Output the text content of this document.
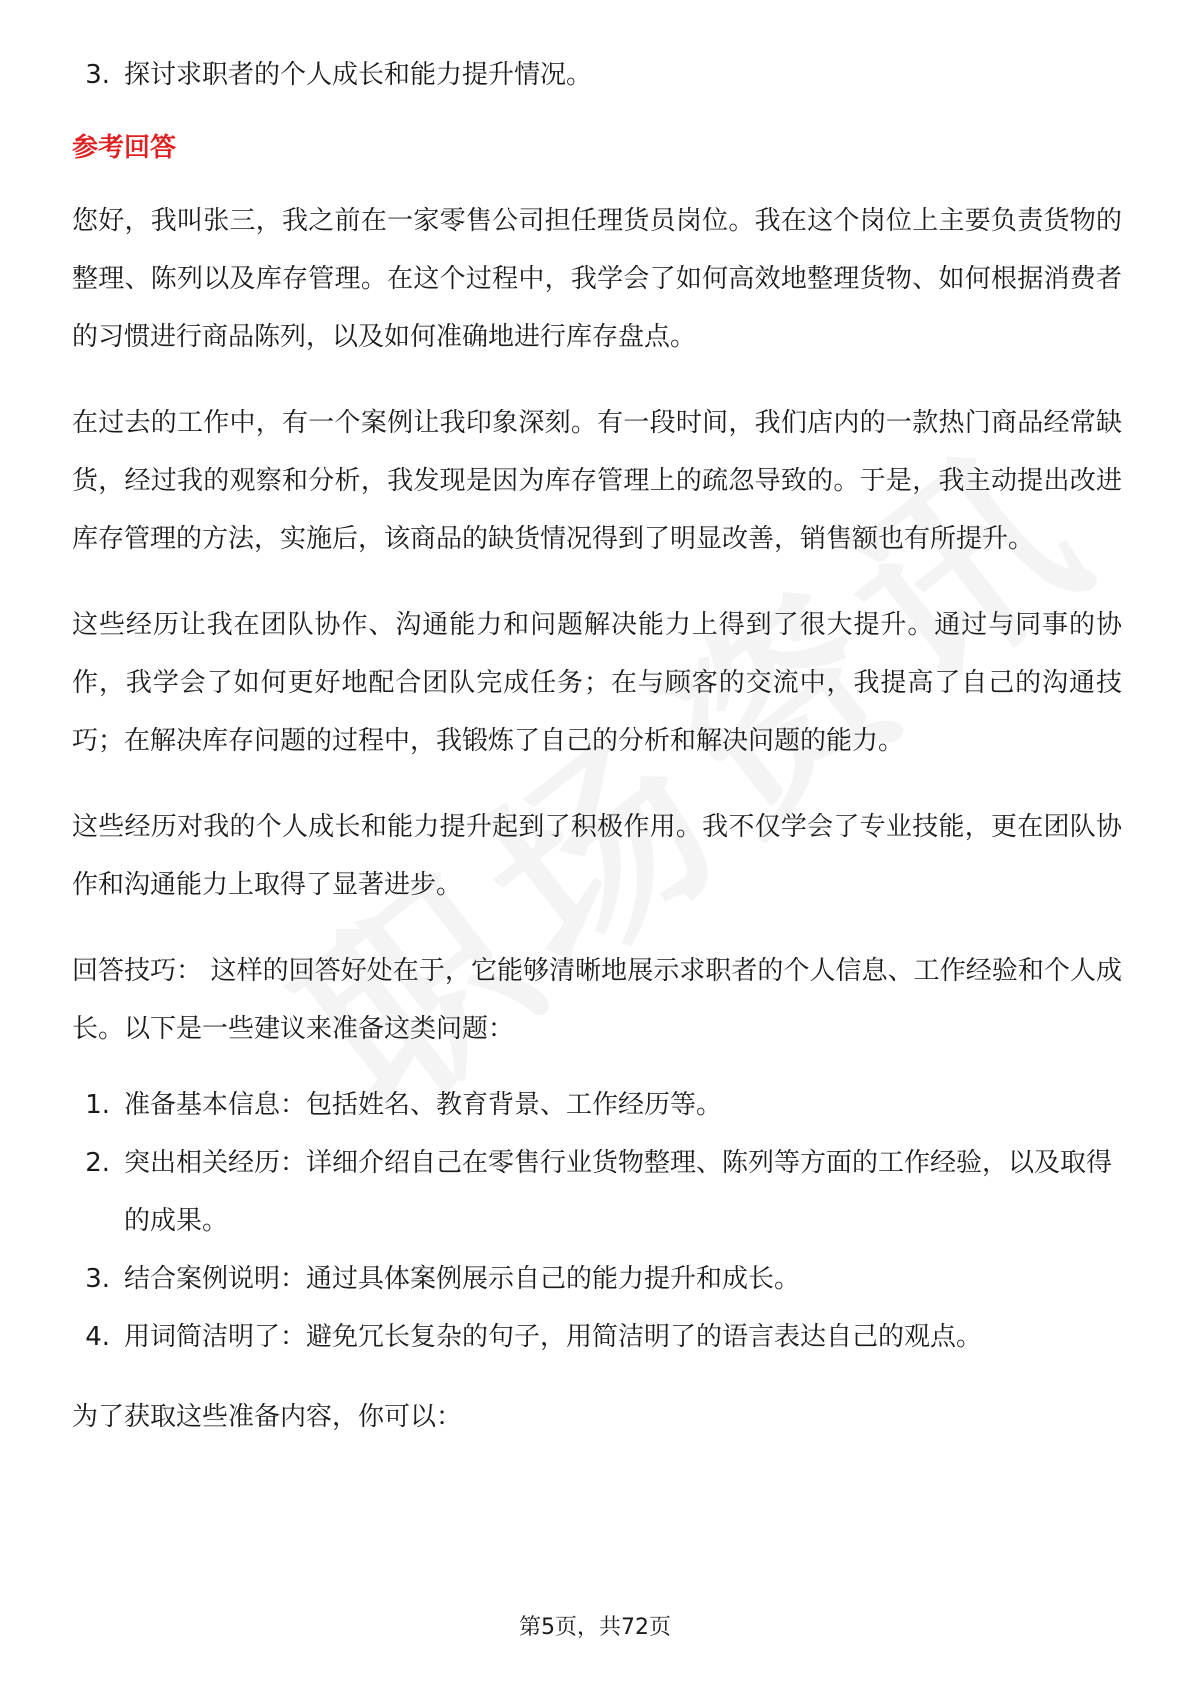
3. 探讨求职者的个人成长和能力提升情况。
参考回答

您好，我叫张三，我之前在一家零售公司担任理货员岗位。我在这个岗位上主要负责货物的整理、陈列以及库存管理。在这个过程中，我学会了如何高效地整理货物、如何根据消费者的习惯进行商品陈列，以及如何准确地进行库存盘点。

在过去的工作中，有一个案例让我印象深刻。有一段时间，我们店内的一款热门商品经常缺货，经过我的观察和分析，我发现是因为库存管理上的疏忽导致的。于是，我主动提出改进库存管理的方法，实施后，该商品的缺货情况得到了明显改善，销售额也有所提升。

这些经历让我在团队协作、沟通能力和问题解决能力上得到了很大提升。通过与同事的协作，我学会了如何更好地配合团队完成任务；在与顾客的交流中，我提高了自己的沟通技巧；在解决库存问题的过程中，我锻炼了自己的分析和解决问题的能力。

这些经历对我的个人成长和能力提升起到了积极作用。我不仅学会了专业技能，更在团队协作和沟通能力上取得了显著进步。

回答技巧： 这样的回答好处在于，它能够清晰地展示求职者的个人信息、工作经验和个人成长。以下是一些建议来准备这类问题：

1. 准备基本信息：包括姓名、教育背景、工作经历等。
2. 突出相关经历：详细介绍自己在零售行业货物整理、陈列等方面的工作经验，以及取得的成果。
3. 结合案例说明：通过具体案例展示自己的能力提升和成长。
4. 用词简洁明了：避免冗长复杂的句子，用简洁明了的语言表达自己的观点。

为了获取这些准备内容，你可以：

第5页，共72页
